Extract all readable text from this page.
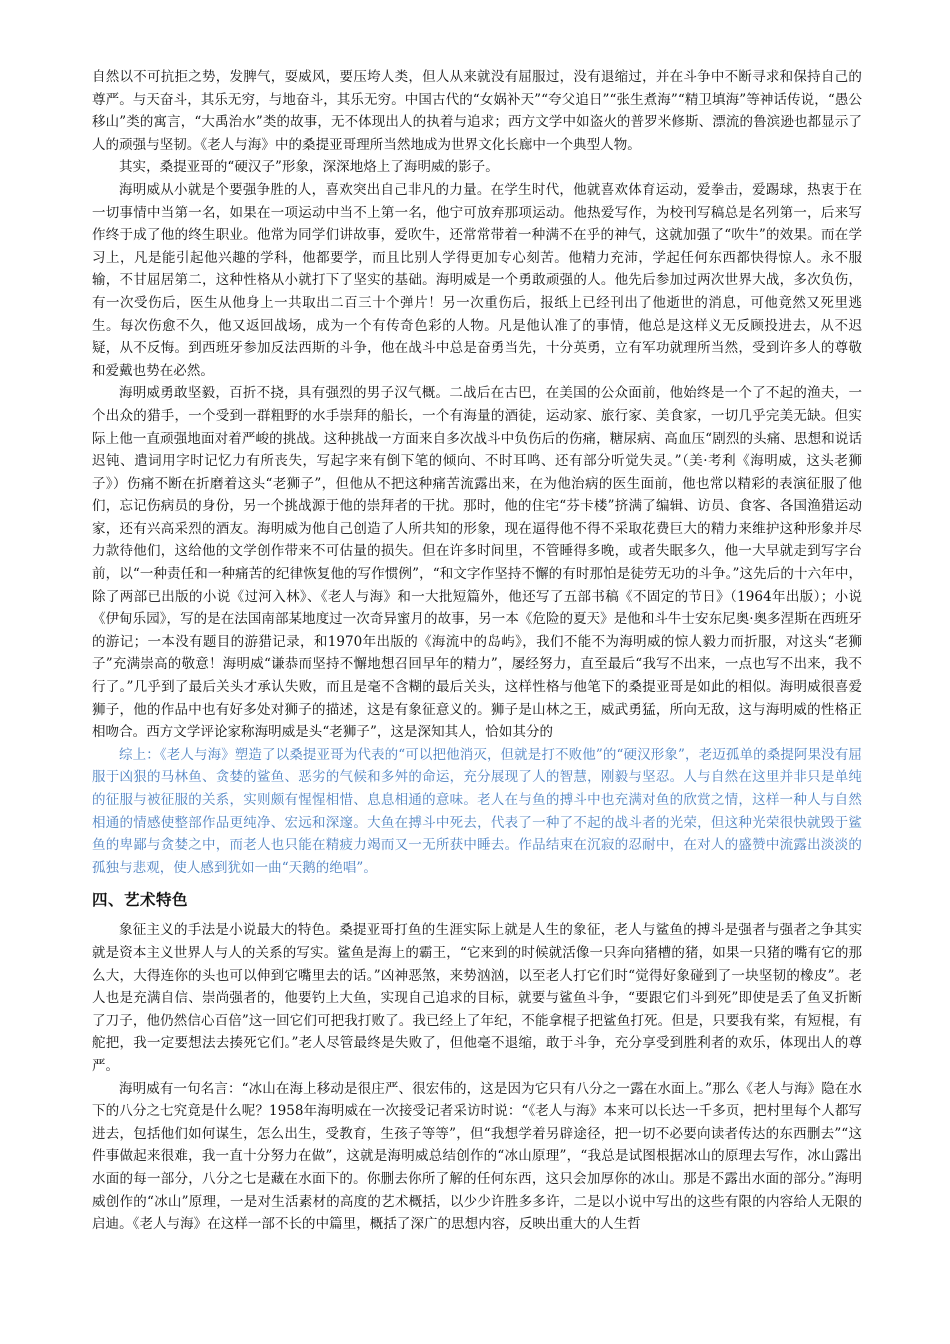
自然以不可抗拒之势，发脾气，耍威风，要压垮人类，但人从来就没有屈服过，没有退缩过，并在斗争中不断寻求和保持自己的尊严。与天奋斗，其乐无穷，与地奋斗，其乐无穷。中国古代的“女娲补天”“夸父追日”“张生煮海”“精卫填海”等神话传说，“愚公移山”类的寓言，“大禹治水”类的故事，无不体现出人的执着与追求；西方文学中如盗火的普罗米修斯、漂流的鲁滨逊也都显示了人的顽强与坚韧。《老人与海》中的桑提亚哥理所当然地成为世界文化长廊中一个典型人物。

其实，桑提亚哥的“硬汉子”形象，深深地烙上了海明威的影子。

海明威从小就是个要强争胜的人，喜欢突出自己非凡的力量。在学生时代，他就喜欢体育运动，爱拳击，爱踢球，热衷于在一切事情中当第一名，如果在一项运动中当不上第一名，他宁可放弃那项运动。他热爱写作，为校刊写稿总是名列第一，后来写作终于成了他的终生职业。他常为同学们讲故事，爱吹牛，还常常带着一种满不在乎的神气，这就加强了“吹牛”的效果。而在学习上，凡是能引起他兴趣的学科，他都要学，而且比别人学得更加专心刻苦。他精力充沛，学起任何东西都快得惊人。永不服输，不甘屈居第二，这种性格从小就打下了坚实的基础。海明威是一个勇敢顽强的人。他先后参加过两次世界大战，多次负伤，有一次受伤后，医生从他身上一共取出二百三十个弹片！另一次重伤后，报纸上已经刊出了他逝世的消息，可他竟然又死里逃生。每次伤愈不久，他又返回战场，成为一个有传奇色彩的人物。凡是他认准了的事情，他总是这样义无反顾投进去，从不迟疑，从不反悔。到西班牙参加反法西斯的斗争，他在战斗中总是奋勇当先，十分英勇，立有军功就理所当然，受到许多人的尊敬和爱戴也势在必然。

海明威勇敢坚毅，百折不挠，具有强烈的男子汉气概。二战后在古巴，在美国的公众面前，他始终是一个了不起的渔夫，一个出众的猎手，一个受到一群粗野的水手崇拜的船长，一个有海量的酒徒，运动家、旅行家、美食家，一切几乎完美无缺。但实际上他一直顽强地面对着严峻的挑战。这种挑战一方面来自多次战斗中负伤后的伤痛，糖尿病、高血压“剧烈的头痛、思想和说话迟钝、遣词用字时记忆力有所丧失，写起字来有倒下笔的倾向、不时耳鸣、还有部分听觉失灵。”（美·考利《海明威，这头老狮子》）伤痛不断在折磨着这头“老狮子”，但他从不把这种痛苦流露出来，在为他治病的医生面前，他也常以精彩的表演征服了他们，忘记伤病员的身份，另一个挑战源于他的崇拜者的干扰。那时，他的住宅“芬卡楼”挤满了编辑、访员、食客、各国渔猎运动家，还有兴高采烈的酒友。海明威为他自己创造了人所共知的形象，现在逼得他不得不采取花费巨大的精力来维护这种形象并尽力款待他们，这给他的文学创作带来不可估量的损失。但在许多时间里，不管睡得多晚，或者失眠多久，他一大早就走到写字台前，以“一种责任和一种痛苦的纪律恢复他的写作惯例”，“和文字作坚持不懈的有时那怕是徒劳无功的斗争。”这先后的十六年中，除了两部已出版的小说《过河入林》、《老人与海》和一大批短篇外，他还写了五部书稿《不固定的节日》（1964年出版）；小说《伊甸乐园》，写的是在法国南部某地度过一次奇异蜜月的故事，另一本《危险的夏天》是他和斗牛士安东尼奥·奥多涅斯在西班牙的游记；一本没有题目的游猎记录，和1970年出版的《海流中的岛屿》，我们不能不为海明威的惊人毅力而折服，对这头“老狮子”充满崇高的敬意！海明威“谦恭而坚持不懈地想召回早年的精力”，屡经努力，直至最后“我写不出来，一点也写不出来，我不行了。”几乎到了最后关头才承认失败，而且是毫不含糊的最后关头，这样性格与他笔下的桑提亚哥是如此的相似。海明威很喜爱狮子，他的作品中也有好多处对狮子的描述，这是有象征意义的。狮子是山林之王，威武勇猛，所向无敌，这与海明威的性格正相吻合。西方文学评论家称海明威是头“老狮子”，这是深知其人，恰如其分的

综上：《老人与海》塑造了以桑提亚哥为代表的“可以把他消灭，但就是打不败他”的“硬汉形象”，老迈孤单的桑提阿果没有屈服于凶狠的马林鱼、贪婪的鲨鱼、恶劣的气候和多舛的命运，充分展现了人的智慧，刚毅与坚忍。人与自然在这里并非只是单纯的征服与被征服的关系，实则颇有惺惺相惜、息息相通的意味。老人在与鱼的搏斗中也充满对鱼的欣赏之情，这样一种人与自然相通的情感使整部作品更纯净、宏远和深邃。大鱼在搏斗中死去，代表了一种了不起的战斗者的光荣，但这种光荣很快就毁于鲨鱼的卑鄙与贪婪之中，而老人也只能在精疲力竭而又一无所获中睡去。作品结束在沉寂的忍耐中，在对人的盛赞中流露出淡淡的孤独与悲观，使人感到犹如一曲“天鹅的绝唱”。

四、艺术特色

象征主义的手法是小说最大的特色。桑提亚哥打鱼的生涯实际上就是人生的象征，老人与鲨鱼的搏斗是强者与强者之争其实就是资本主义世界人与人的关系的写实。鲨鱼是海上的霸王，“它来到的时候就活像一只奔向猪槽的猪，如果一只猪的嘴有它的那么大，大得连你的头也可以伸到它嘴里去的话。”凶神恶煞，来势汹汹，以至老人打它们时“觉得好象碰到了一块坚韧的橡皮”。老人也是充满自信、崇尚强者的，他要钓上大鱼，实现自己追求的目标，就要与鲨鱼斗争，“要跟它们斗到死”即使是丢了鱼叉折断了刀子，他仍然信心百倍”这一回它们可把我打败了。我已经上了年纪，不能拿棍子把鲨鱼打死。但是，只要我有桨，有短棍，有舵把，我一定要想法去揍死它们。”老人尽管最终是失败了，但他毫不退缩，敢于斗争，充分享受到胜利者的欢乐，体现出人的尊严。

海明威有一句名言：“冰山在海上移动是很庄严、很宏伟的，这是因为它只有八分之一露在水面上。”那么《老人与海》隐在水下的八分之七究竟是什么呢？1958年海明威在一次接受记者采访时说：“《老人与海》本来可以长达一千多页，把村里每个人都写进去，包括他们如何谋生，怎么出生，受教育，生孩子等等”，但“我想学着另辟途径，把一切不必要向读者传达的东西删去”“这件事做起来很难，我一直十分努力在做”，这就是海明威总结创作的“冰山原理”，“我总是试图根据冰山的原理去写作，冰山露出水面的每一部分，八分之七是藏在水面下的。你删去你所了解的任何东西，这只会加厚你的冰山。那是不露出水面的部分。”海明威创作的“冰山”原理，一是对生活素材的高度的艺术概括，以少少许胜多多许，二是以小说中写出的这些有限的内容给人无限的启迪。《老人与海》在这样一部不长的中篇里，概括了深广的思想内容，反映出重大的人生哲
